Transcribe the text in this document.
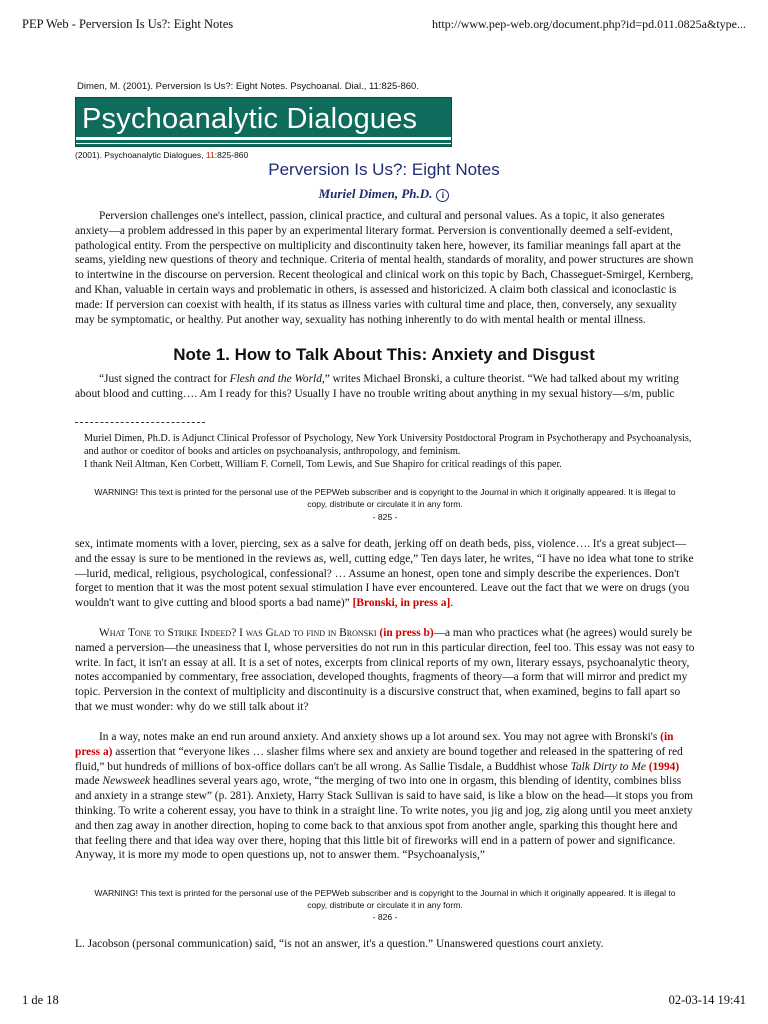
PEP Web - Perversion Is Us?: Eight Notes	http://www.pep-web.org/document.php?id=pd.011.0825a&type...
Dimen, M. (2001). Perversion Is Us?: Eight Notes. Psychoanal. Dial., 11:825-860.
Psychoanalytic Dialogues
(2001). Psychoanalytic Dialogues, 11:825-860
Perversion Is Us?: Eight Notes
Muriel Dimen, Ph.D. i

Perversion challenges one's intellect, passion, clinical practice, and cultural and personal values. As a topic, it also generates anxiety—a problem addressed in this paper by an experimental literary format. Perversion is conventionally deemed a self-evident, pathological entity. From the perspective on multiplicity and discontinuity taken here, however, its familiar meanings fall apart at the seams, yielding new questions of theory and technique. Criteria of mental health, standards of morality, and power structures are shown to intertwine in the discourse on perversion. Recent theological and clinical work on this topic by Bach, Chasseguet-Smirgel, Kernberg, and Khan, valuable in certain ways and problematic in others, is assessed and historicized. A claim both classical and iconoclastic is made: If perversion can coexist with health, if its status as illness varies with cultural time and place, then, conversely, any sexuality may be symptomatic, or healthy. Put another way, sexuality has nothing inherently to do with mental health or mental illness.

Note 1. How to Talk About This: Anxiety and Disgust

“Just signed the contract for Flesh and the World,” writes Michael Bronski, a culture theorist. “We had talked about my writing about blood and cutting…. Am I ready for this? Usually I have no trouble writing about anything in my sexual history—s/m, public

Muriel Dimen, Ph.D. is Adjunct Clinical Professor of Psychology, New York University Postdoctoral Program in Psychotherapy and Psychoanalysis, and author or coeditor of books and articles on psychoanalysis, anthropology, and feminism.

I thank Neil Altman, Ken Corbett, William F. Cornell, Tom Lewis, and Sue Shapiro for critical readings of this paper.

WARNING! This text is printed for the personal use of the PEPWeb subscriber and is copyright to the Journal in which it originally appeared. It is illegal to copy, distribute or circulate it in any form.

- 825 -

sex, intimate moments with a lover, piercing, sex as a salve for death, jerking off on death beds, piss, violence…. It's a great subject—and the essay is sure to be mentioned in the reviews as, well, cutting edge,” Ten days later, he writes, “I have no idea what tone to strike—lurid, medical, religious, psychological, confessional? … Assume an honest, open tone and simply describe the experiences. Don't forget to mention that it was the most potent sexual stimulation I have ever encountered. Leave out the fact that we were on drugs (you wouldn't want to give cutting and blood sports a bad name)” [Bronski, in press a].

What Tone to Strike Indeed? I was Glad to find in Bronski (in press b)—a man who practices what (he agrees) would surely be named a perversion—the uneasiness that I, whose perversities do not run in this particular direction, feel too. This essay was not easy to write. In fact, it isn't an essay at all. It is a set of notes, excerpts from clinical reports of my own, literary essays, psychoanalytic theory, notes accompanied by commentary, free association, developed thoughts, fragments of theory—a form that will mirror and predict my topic. Perversion in the context of multiplicity and discontinuity is a discursive construct that, when examined, begins to fall apart so that we must wonder: why do we still talk about it?

In a way, notes make an end run around anxiety. And anxiety shows up a lot around sex. You may not agree with Bronski's (in press a) assertion that “everyone likes … slasher films where sex and anxiety are bound together and released in the spattering of red fluid,” but hundreds of millions of box-office dollars can't be all wrong. As Sallie Tisdale, a Buddhist whose Talk Dirty to Me (1994) made Newsweek headlines several years ago, wrote, “the merging of two into one in orgasm, this blending of identity, combines bliss and anxiety in a strange stew” (p. 281). Anxiety, Harry Stack Sullivan is said to have said, is like a blow on the head—it stops you from thinking. To write a coherent essay, you have to think in a straight line. To write notes, you jig and jog, zig along until you meet anxiety and then zag away in another direction, hoping to come back to that anxious spot from another angle, sparking this thought here and that feeling there and that idea way over there, hoping that this little bit of fireworks will end in a pattern of power and significance. Anyway, it is more my mode to open questions up, not to answer them. “Psychoanalysis,”

WARNING! This text is printed for the personal use of the PEPWeb subscriber and is copyright to the Journal in which it originally appeared. It is illegal to copy, distribute or circulate it in any form.

- 826 -

L. Jacobson (personal communication) said, “is not an answer, it's a question.” Unanswered questions court anxiety.

1 de 18	02-03-14 19:41
